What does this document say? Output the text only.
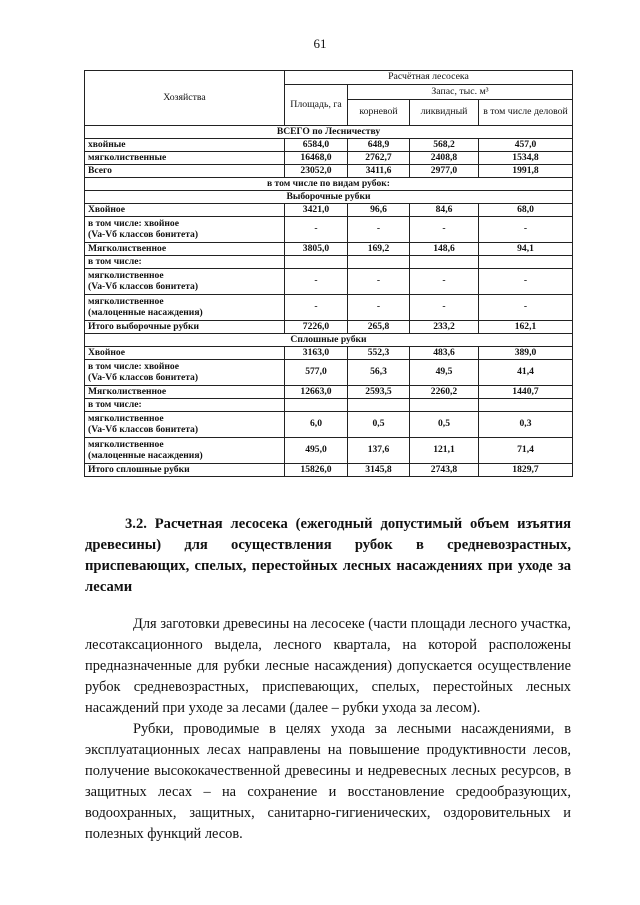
61
Хозяйства	Расчётная лесосека			
	Площадь, га	Запас, тыс. м³		
		корневой	ликвидный	в том числе деловой
ВСЕГО по Лесничеству				
хвойные	6584,0	648,9	568,2	457,0
мягколиственные	16468,0	2762,7	2408,8	1534,8
Всего	23052,0	3411,6	2977,0	1991,8
в том числе по видам рубок:				
Выборочные рубки				
Хвойное	3421,0	96,6	84,6	68,0
в том числе: хвойное
(Va-Vб классов бонитета)	-	-	-	-
Мягколиственное	3805,0	169,2	148,6	94,1
в том числе:				
мягколиственное
(Va-Vб классов бонитета)	-	-	-	-
мягколиственное
(малоценные насаждения)	-	-	-	-
Итого выборочные рубки	7226,0	265,8	233,2	162,1
Сплошные рубки				
Хвойное	3163,0	552,3	483,6	389,0
в том числе: хвойное
(Va-Vб классов бонитета)	577,0	56,3	49,5	41,4
Мягколиственное	12663,0	2593,5	2260,2	1440,7
в том числе:				
мягколиственное
(Va-Vб классов бонитета)	6,0	0,5	0,5	0,3
мягколиственное
(малоценные насаждения)	495,0	137,6	121,1	71,4
Итого сплошные рубки	15826,0	3145,8	2743,8	1829,7
3.2. Расчетная лесосека (ежегодный допустимый объем изъятия древесины) для осуществления рубок в средневозрастных, приспевающих, спелых, перестойных лесных насаждениях при уходе за лесами
Для заготовки древесины на лесосеке (части площади лесного участка, лесотаксационного выдела, лесного квартала, на которой расположены предназначенные для рубки лесные насаждения) допускается осуществление рубок средневозрастных, приспевающих, спелых, перестойных лесных насаждений при уходе за лесами (далее – рубки ухода за лесом).
Рубки, проводимые в целях ухода за лесными насаждениями, в эксплуатационных лесах направлены на повышение продуктивности лесов, получение высококачественной древесины и недревесных лесных ресурсов, в защитных лесах – на сохранение и восстановление средообразующих, водоохранных, защитных, санитарно-гигиенических, оздоровительных и полезных функций лесов.
